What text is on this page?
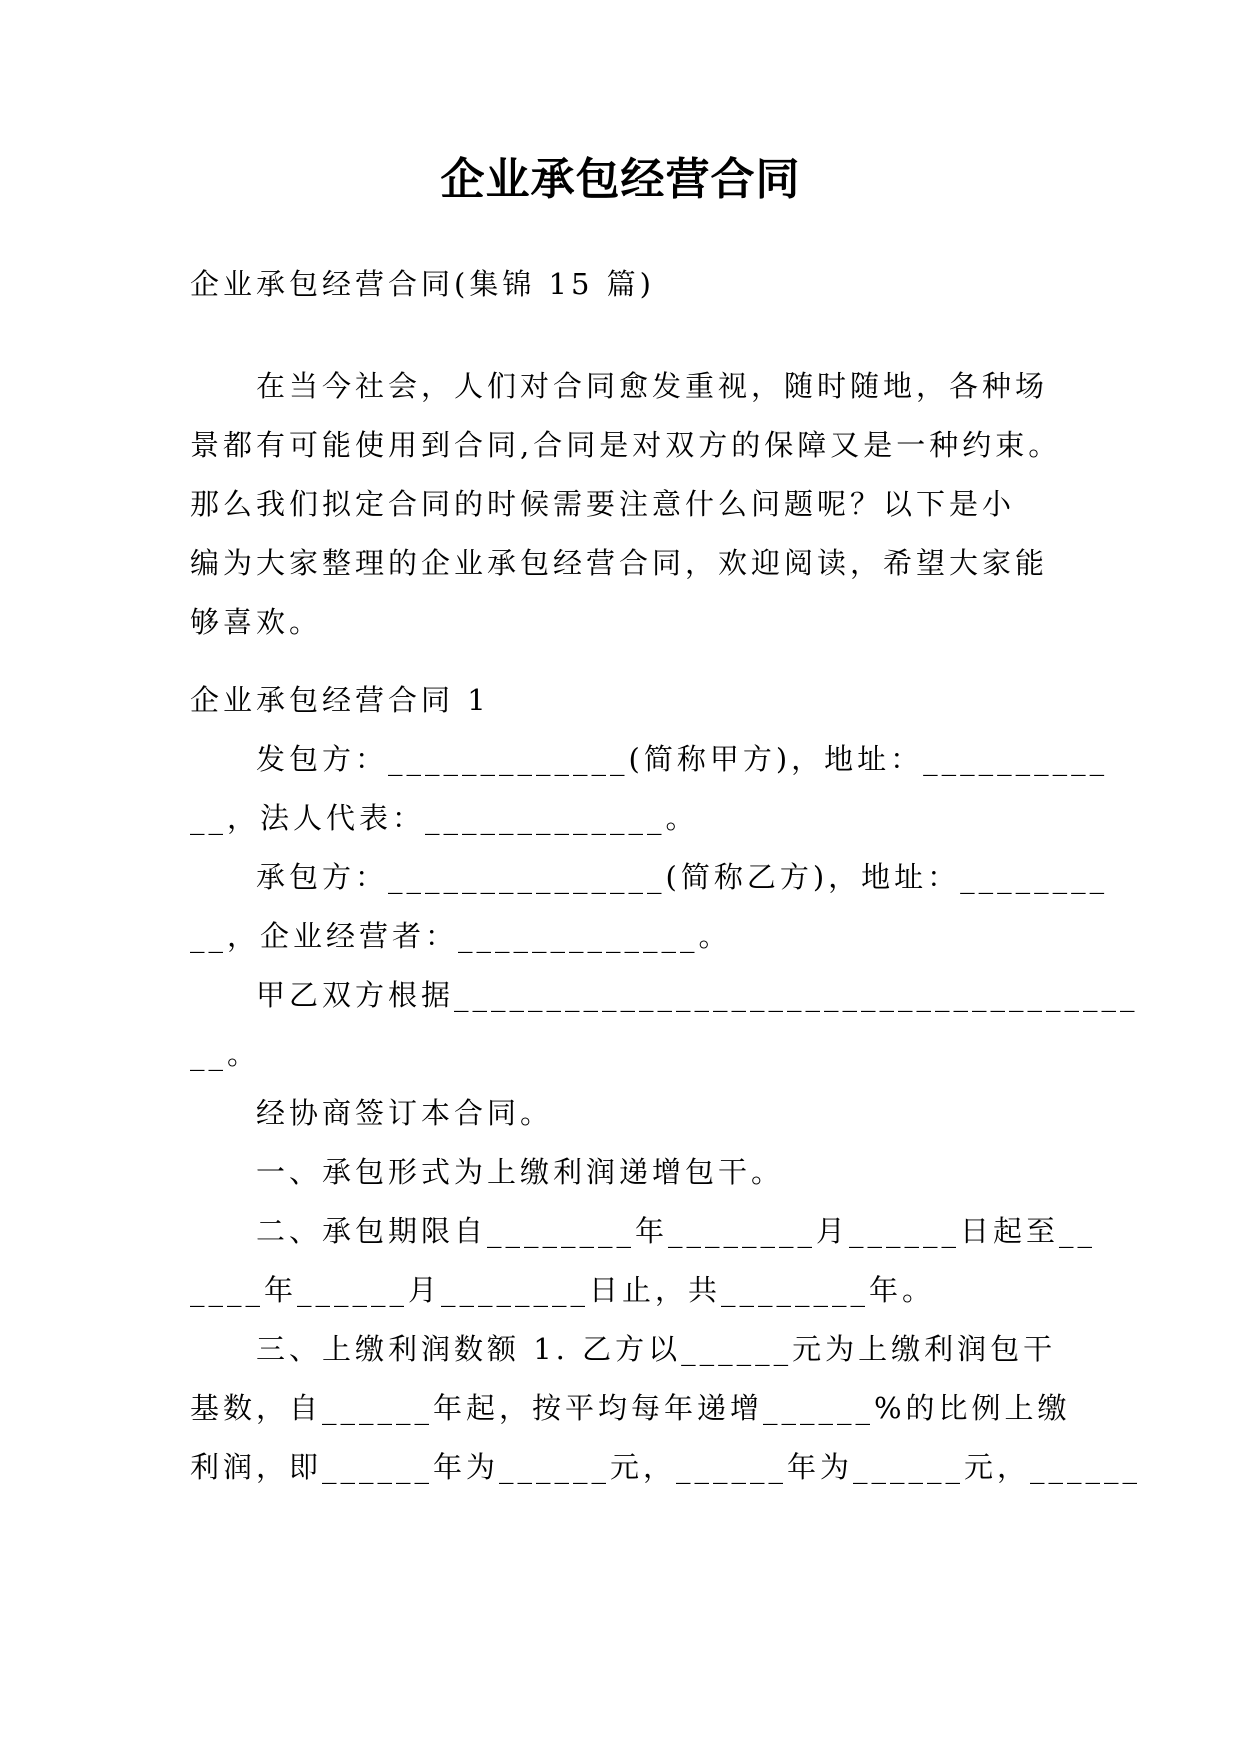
企业承包经营合同
企业承包经营合同(集锦 15 篇)
在当今社会，人们对合同愈发重视，随时随地，各种场
景都有可能使用到合同,合同是对双方的保障又是一种约束。
那么我们拟定合同的时候需要注意什么问题呢？以下是小
编为大家整理的企业承包经营合同，欢迎阅读，希望大家能
够喜欢。
企业承包经营合同 1
发包方：_____________(简称甲方)，地址：__________
__，法人代表：_____________。
承包方：_______________(简称乙方)，地址：________
__，企业经营者：_____________。
甲乙双方根据_____________________________________
__。
经协商签订本合同。
一、承包形式为上缴利润递增包干。
二、承包期限自________年________月______日起至__
____年______月________日止，共________年。
三、上缴利润数额 1. 乙方以______元为上缴利润包干
基数，自______年起，按平均每年递增______%的比例上缴
利润，即______年为______元，______年为______元，______
